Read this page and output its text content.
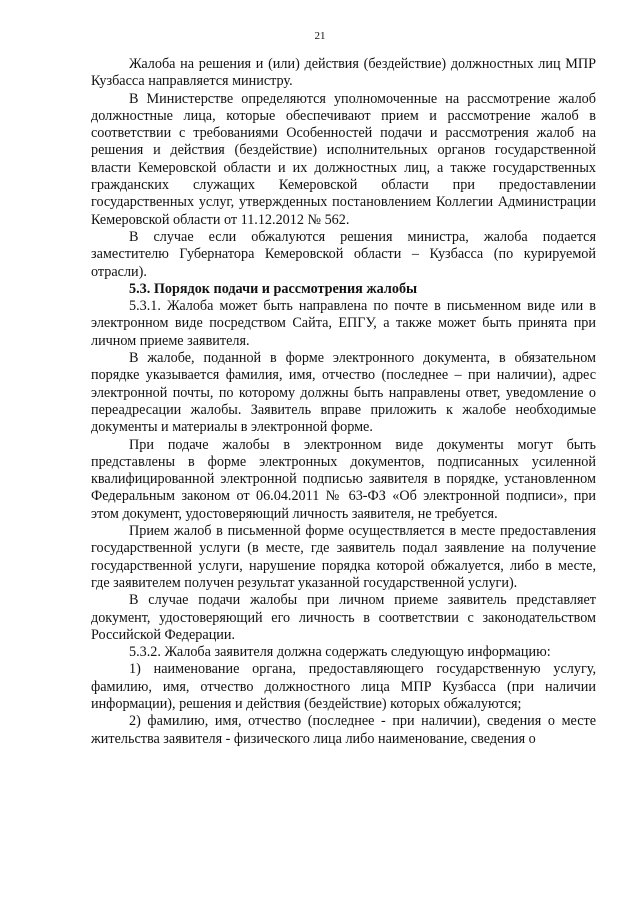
21

Жалоба на решения и (или) действия (бездействие) должностных лиц МПР Кузбасса направляется министру.

В Министерстве определяются уполномоченные на рассмотрение жалоб должностные лица, которые обеспечивают прием и рассмотрение жалоб в соответствии с требованиями Особенностей подачи и рассмотрения жалоб на решения и действия (бездействие) исполнительных органов государственной власти Кемеровской области и их должностных лиц, а также государственных гражданских служащих Кемеровской области при предоставлении государственных услуг, утвержденных постановлением Коллегии Администрации Кемеровской области от 11.12.2012 № 562.

В случае если обжалуются решения министра, жалоба подается заместителю Губернатора Кемеровской области – Кузбасса (по курируемой отрасли).

5.3. Порядок подачи и рассмотрения жалобы

5.3.1. Жалоба может быть направлена по почте в письменном виде или в электронном виде посредством Сайта, ЕПГУ, а также может быть принята при личном приеме заявителя.

В жалобе, поданной в форме электронного документа, в обязательном порядке указывается фамилия, имя, отчество (последнее – при наличии), адрес электронной почты, по которому должны быть направлены ответ, уведомление о переадресации жалобы. Заявитель вправе приложить к жалобе необходимые документы и материалы в электронной форме.

При подаче жалобы в электронном виде документы могут быть представлены в форме электронных документов, подписанных усиленной квалифицированной электронной подписью заявителя в порядке, установленном Федеральным законом от 06.04.2011 № 63-ФЗ «Об электронной подписи», при этом документ, удостоверяющий личность заявителя, не требуется.

Прием жалоб в письменной форме осуществляется в месте предоставления государственной услуги (в месте, где заявитель подал заявление на получение государственной услуги, нарушение порядка которой обжалуется, либо в месте, где заявителем получен результат указанной государственной услуги).

В случае подачи жалобы при личном приеме заявитель представляет документ, удостоверяющий его личность в соответствии с законодательством Российской Федерации.

5.3.2. Жалоба заявителя должна содержать следующую информацию:

1) наименование органа, предоставляющего государственную услугу, фамилию, имя, отчество должностного лица МПР Кузбасса (при наличии информации), решения и действия (бездействие) которых обжалуются;

2) фамилию, имя, отчество (последнее - при наличии), сведения о месте жительства заявителя - физического лица либо наименование, сведения о
